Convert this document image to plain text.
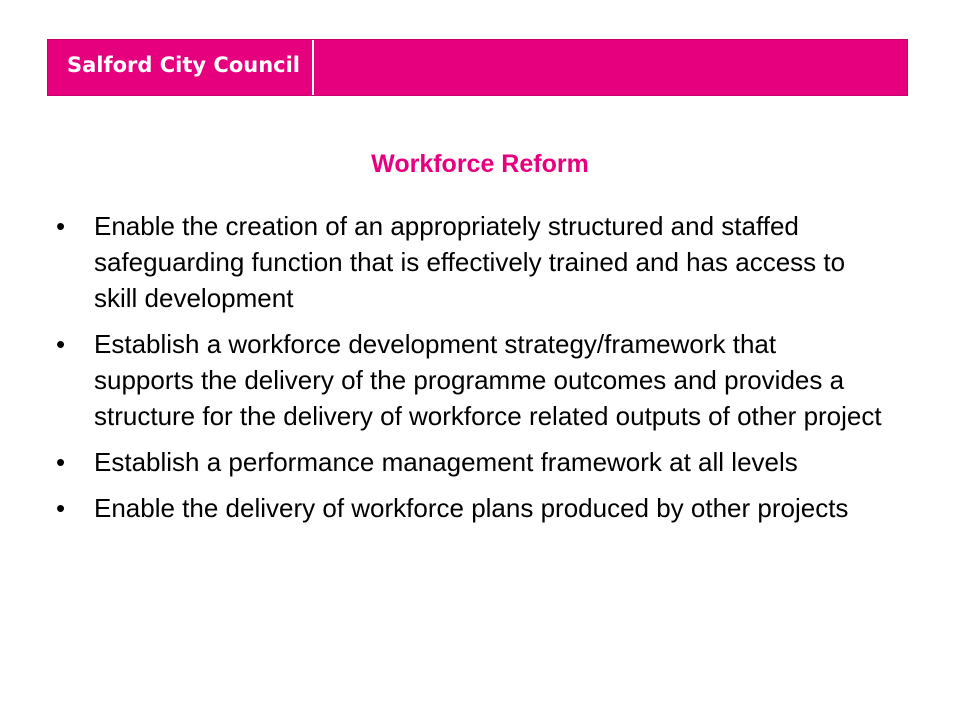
Salford City Council
Workforce Reform
• Enable the creation of an appropriately structured and staffed safeguarding function that is effectively trained and has access to skill development
• Establish a workforce development strategy/framework that supports the delivery of the programme outcomes and provides a structure for the delivery of workforce related outputs of other project
• Establish a performance management framework at all levels
• Enable the delivery of workforce plans produced by other projects
